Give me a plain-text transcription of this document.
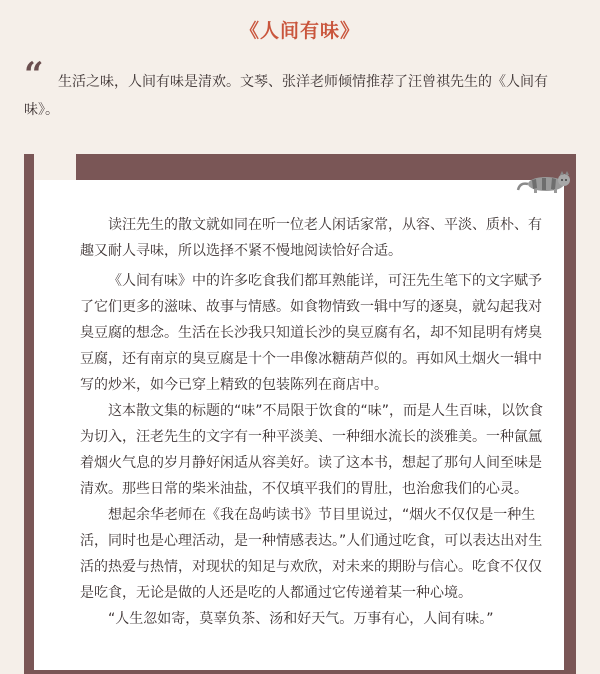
《人间有味》
“	生活之味，人间有味是清欢。文琴、张洋老师倾情推荐了汪曾祺先生的《人间有味》。

读汪先生的散文就如同在听一位老人闲话家常，从容、平淡、质朴、有趣又耐人寻味，所以选择不紧不慢地阅读恰好合适。

《人间有味》中的许多吃食我们都耳熟能详，可汪先生笔下的文字赋予了它们更多的滋味、故事与情感。如食物情致一辑中写的逐臭，就勾起我对臭豆腐的想念。生活在长沙我只知道长沙的臭豆腐有名，却不知昆明有烤臭豆腐，还有南京的臭豆腐是十个一串像冰糖葫芦似的。再如风土烟火一辑中写的炒米，如今已穿上精致的包装陈列在商店中。

这本散文集的标题的“味”不局限于饮食的“味”，而是人生百味，以饮食为切入，汪老先生的文字有一种平淡美、一种细水流长的淡雅美。一种氤氲着烟火气息的岁月静好闲适从容美好。读了这本书，想起了那句人间至味是清欢。那些日常的柴米油盐，不仅填平我们的胃肚，也治愈我们的心灵。

想起余华老师在《我在岛屿读书》节目里说过，“烟火不仅仅是一种生活，同时也是心理活动，是一种情感表达。”人们通过吃食，可以表达出对生活的热爱与热情，对现状的知足与欢欣，对未来的期盼与信心。吃食不仅仅是吃食，无论是做的人还是吃的人都通过它传递着某一种心境。

“人生忽如寄，莫辜负茶、汤和好天气。万事有心，人间有味。”
